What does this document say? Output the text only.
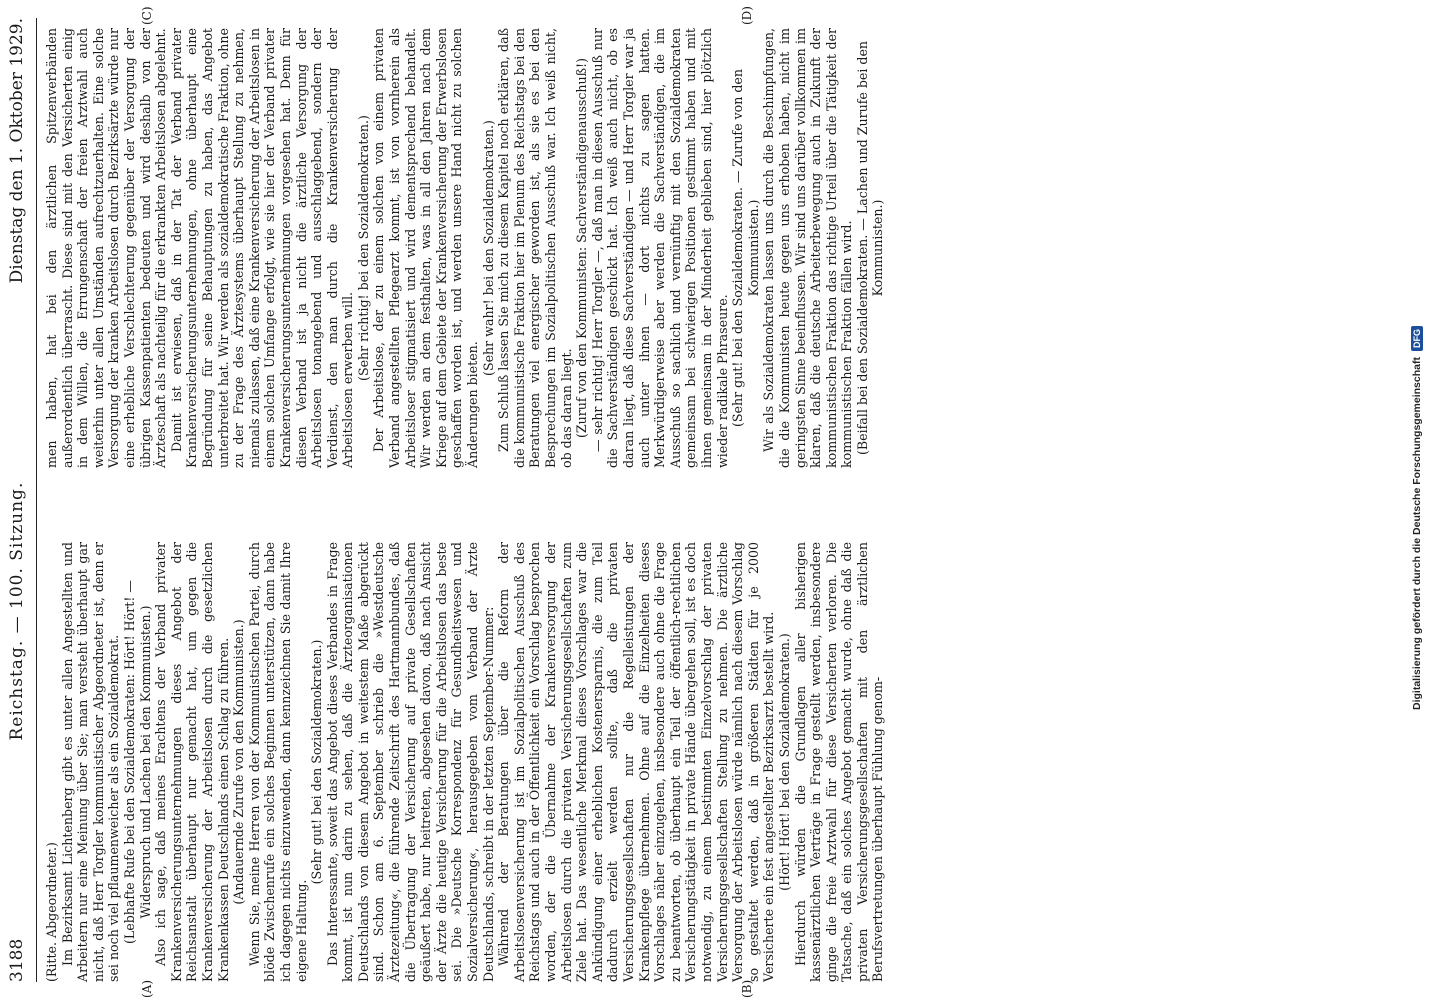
3188
Reichstag. — 100. Sitzung.
Dienstag den 1. Oktober 1929.
(A)	(B)
(C)	(D)

(Ritte. Abgeordneter.) Im Bezirksamt Lichtenberg gibt es unter allen Angestellten und Arbeitern nur eine Meinung über Sie; man versteht überhaupt gar nicht, daß Herr Torgler kommunistischer Abgeordneter ist, denn er sei noch viel pflaumenweicher als ein Sozialdemokrat. (Lebhafte Rufe bei den Sozialdemokraten: Hört! Hört! — Widerspruch und Lachen bei den Kommunisten.) Also ich sage, daß meines Erachtens der Verband privater Krankenversicherungsunternehmungen dieses Angebot der Reichsanstalt überhaupt nur gemacht hat, um gegen die Krankenversicherung der Arbeitslosen durch die gesetzlichen Krankenkassen Deutschlands einen Schlag zu führen. (Andauernde Zurufe von den Kommunisten.) Wenn Sie, meine Herren von der Kommunistischen Partei, durch blöde Zwischenrufe ein solches Beginnen unterstützen, dann habe ich dagegen nichts einzuwenden, dann kennzeichnen Sie damit Ihre eigene Haltung.

(Sehr gut! bei den Sozialdemokraten.) Das Interessante, soweit das Angebot dieses Verbandes in Frage kommt, ist nun darin zu sehen, daß die Ärzteorganisationen Deutschlands von diesem Angebot in weitestem Maße abgerückt sind. Schon am 6. September schrieb die »Westdeutsche Ärztezeitung«, die führende Zeitschrift des Hartmannbundes, daß die Übertragung der Versicherung auf private Gesellschaften geäußert habe, nur heitreten, abgesehen davon, daß nach Ansicht der Ärzte die heutige Versicherung für die Arbeitslosen das beste sei. Die »Deutsche Korrespondenz für Gesundheitswesen und Sozialversicherung«, herausgegeben vom Verband der Ärzte Deutschlands, schreibt in der letzten September-Nummer: Während der Beratungen über die Reform der Arbeitslosenversicherung ist im Sozialpolitischen Ausschuß des Reichstags und auch in der Öffentlichkeit ein Vorschlag besprochen worden, der die Übernahme der Krankenversorgung der Arbeitslosen durch die privaten Versicherungsgesellschaften zum Ziele hat. Das wesentliche Merkmal dieses Vorschlages war die Ankündigung einer erheblichen Kostenersparnis, die zum Teil dadurch erzielt werden sollte, daß die privaten Versicherungsgesellschaften nur die Regelleistungen der Krankenpflege übernehmen. Ohne auf die Einzelheiten dieses Vorschlages näher einzugehen, insbesondere auch ohne die Frage zu beantworten, ob überhaupt ein Teil der öffentlich-rechtlichen Versicherungstätigkeit in private Hände übergehen soll, ist es doch notwendig, zu einem bestimmten Einzelvorschlag der privaten Versicherungsgesellschaften Stellung zu nehmen. Die ärztliche Versorgung der Arbeitslosen würde nämlich nach diesem Vorschlag so gestaltet werden, daß in größeren Städten für je 2000 Versicherte ein fest angestellter Bezirksarzt bestellt wird. (Hört! Hört! bei den Sozialdemokraten.) Hierdurch würden die Grundlagen aller bisherigen kassenärztlichen Verträge in Frage gestellt werden, insbesondere ginge die freie Arztwahl für diese Versicherten verloren. Die Tatsache, daß ein solches Angebot gemacht wurde, ohne daß die privaten Versicherungsgesellschaften mit den ärztlichen Berufsvertretungen überhaupt Fühlung genom-

men haben, hat bei den ärztlichen Spitzenverbänden außerordentlich überrascht. Diese sind mit den Versicherten einig in dem Willen, die Errungenschaft der freien Arztwahl auch weiterhin unter allen Umständen aufrechtzuerhalten. Eine solche Versorgung der kranken Arbeitslosen durch Bezirksärzte würde nur eine erhebliche Verschlechterung gegenüber der Versorgung der übrigen Kassenpatienten bedeuten und wird deshalb von der Ärzteschaft als nachteilig für die erkrankten Arbeitslosen abgelehnt. Damit ist erwiesen, daß in der Tat der Verband privater Krankenversicherungsunternehmungen, ohne überhaupt eine Begründung für seine Behauptungen zu haben, das Angebot unterbreitet hat. Wir werden als sozialdemokratische Fraktion, ohne zu der Frage des Ärztesystems überhaupt Stellung zu nehmen, niemals zulassen, daß eine Krankenversicherung der Arbeitslosen in einem solchen Umfange erfolgt, wie sie hier der Verband privater Krankenversicherungsunternehmungen vorgesehen hat. Denn für diesen Verband ist ja nicht die ärztliche Versorgung der Arbeitslosen tonangebend und ausschlaggebend, sondern der Verdienst, den man durch die Krankenversicherung der Arbeitslosen erwerben will. (Sehr richtig! bei den Sozialdemokraten.) Der Arbeitslose, der zu einem solchen von einem privaten Verband angestellten Pflegearzt kommt, ist von vornherein als Arbeitsloser stigmatisiert und wird dementsprechend behandelt. Wir werden an dem festhalten, was in all den Jahren nach dem Kriege auf dem Gebiete der Krankenversicherung der Erwerbslosen geschaffen worden ist, und werden unsere Hand nicht zu solchen Änderungen bieten.

(Sehr wahr! bei den Sozialdemokraten.) Zum Schluß lassen Sie mich zu diesem Kapitel noch erklären, daß die kommunistische Fraktion hier im Plenum des Reichstags bei den Beratungen viel energischer geworden ist, als sie es bei den Besprechungen im Sozialpolitischen Ausschuß war. Ich weiß nicht, ob das daran liegt. (Zuruf von den Kommunisten: Sachverständigenausschuß!) — sehr richtig! Herr Torgler —, daß man in diesen Ausschuß nur die Sachverständigen geschickt hat. Ich weiß auch nicht, ob es daran liegt, daß diese Sachverständigen — und Herr Torgler war ja auch unter ihnen — dort nichts zu sagen hatten. Merkwürdigerweise aber werden die Sachverständigen, die im Ausschuß so sachlich und vernünftig mit den Sozialdemokraten gemeinsam bei schwierigen Positionen gestimmt haben und mit ihnen gemeinsam in der Minderheit geblieben sind, hier plötzlich wieder radikale Phraseure. (Sehr gut! bei den Sozialdemokraten. — Zurufe von den Kommunisten.) Wir als Sozialdemokraten lassen uns durch die Beschimpfungen, die die Kommunisten heute gegen uns erhoben haben, nicht im geringsten Sinne beeinflussen. Wir sind uns darüber vollkommen im klaren, daß die deutsche Arbeiterbewegung auch in Zukunft der kommunistischen Fraktion das richtige Urteil über die Tätigkeit der kommunistischen Fraktion fällen wird. (Beifall bei den Sozialdemokraten. — Lachen und Zurufe bei den Kommunisten.)

Digitalisierung gefördert durch die Deutsche Forschungsgemeinschaft
DFG
